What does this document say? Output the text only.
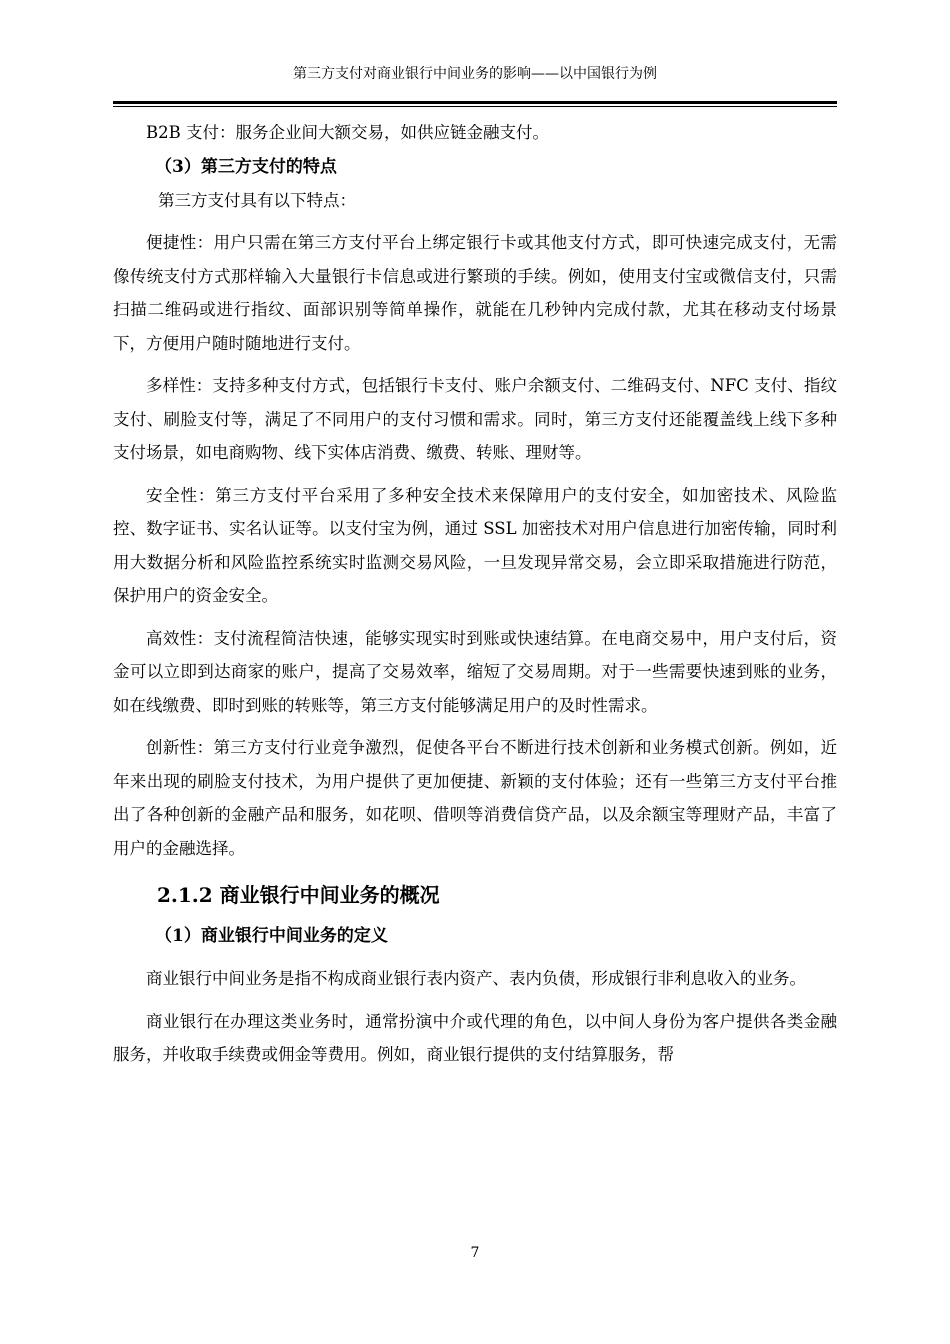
第三方支付对商业银行中间业务的影响——以中国银行为例

B2B 支付：服务企业间大额交易，如供应链金融支付。

（3）第三方支付的特点

第三方支付具有以下特点：

便捷性：用户只需在第三方支付平台上绑定银行卡或其他支付方式，即可快速完成支付，无需像传统支付方式那样输入大量银行卡信息或进行繁琐的手续。例如，使用支付宝或微信支付，只需扫描二维码或进行指纹、面部识别等简单操作，就能在几秒钟内完成付款，尤其在移动支付场景下，方便用户随时随地进行支付。

多样性：支持多种支付方式，包括银行卡支付、账户余额支付、二维码支付、NFC 支付、指纹支付、刷脸支付等，满足了不同用户的支付习惯和需求。同时，第三方支付还能覆盖线上线下多种支付场景，如电商购物、线下实体店消费、缴费、转账、理财等。

安全性：第三方支付平台采用了多种安全技术来保障用户的支付安全，如加密技术、风险监控、数字证书、实名认证等。以支付宝为例，通过 SSL 加密技术对用户信息进行加密传输，同时利用大数据分析和风险监控系统实时监测交易风险，一旦发现异常交易，会立即采取措施进行防范，保护用户的资金安全。

高效性：支付流程简洁快速，能够实现实时到账或快速结算。在电商交易中，用户支付后，资金可以立即到达商家的账户，提高了交易效率，缩短了交易周期。对于一些需要快速到账的业务，如在线缴费、即时到账的转账等，第三方支付能够满足用户的及时性需求。

创新性：第三方支付行业竞争激烈，促使各平台不断进行技术创新和业务模式创新。例如，近年来出现的刷脸支付技术，为用户提供了更加便捷、新颖的支付体验；还有一些第三方支付平台推出了各种创新的金融产品和服务，如花呗、借呗等消费信贷产品，以及余额宝等理财产品，丰富了用户的金融选择。

2.1.2 商业银行中间业务的概况

（1）商业银行中间业务的定义

商业银行中间业务是指不构成商业银行表内资产、表内负债，形成银行非利息收入的业务。

商业银行在办理这类业务时，通常扮演中介或代理的角色，以中间人身份为客户提供各类金融服务，并收取手续费或佣金等费用。例如，商业银行提供的支付结算服务，帮

7
